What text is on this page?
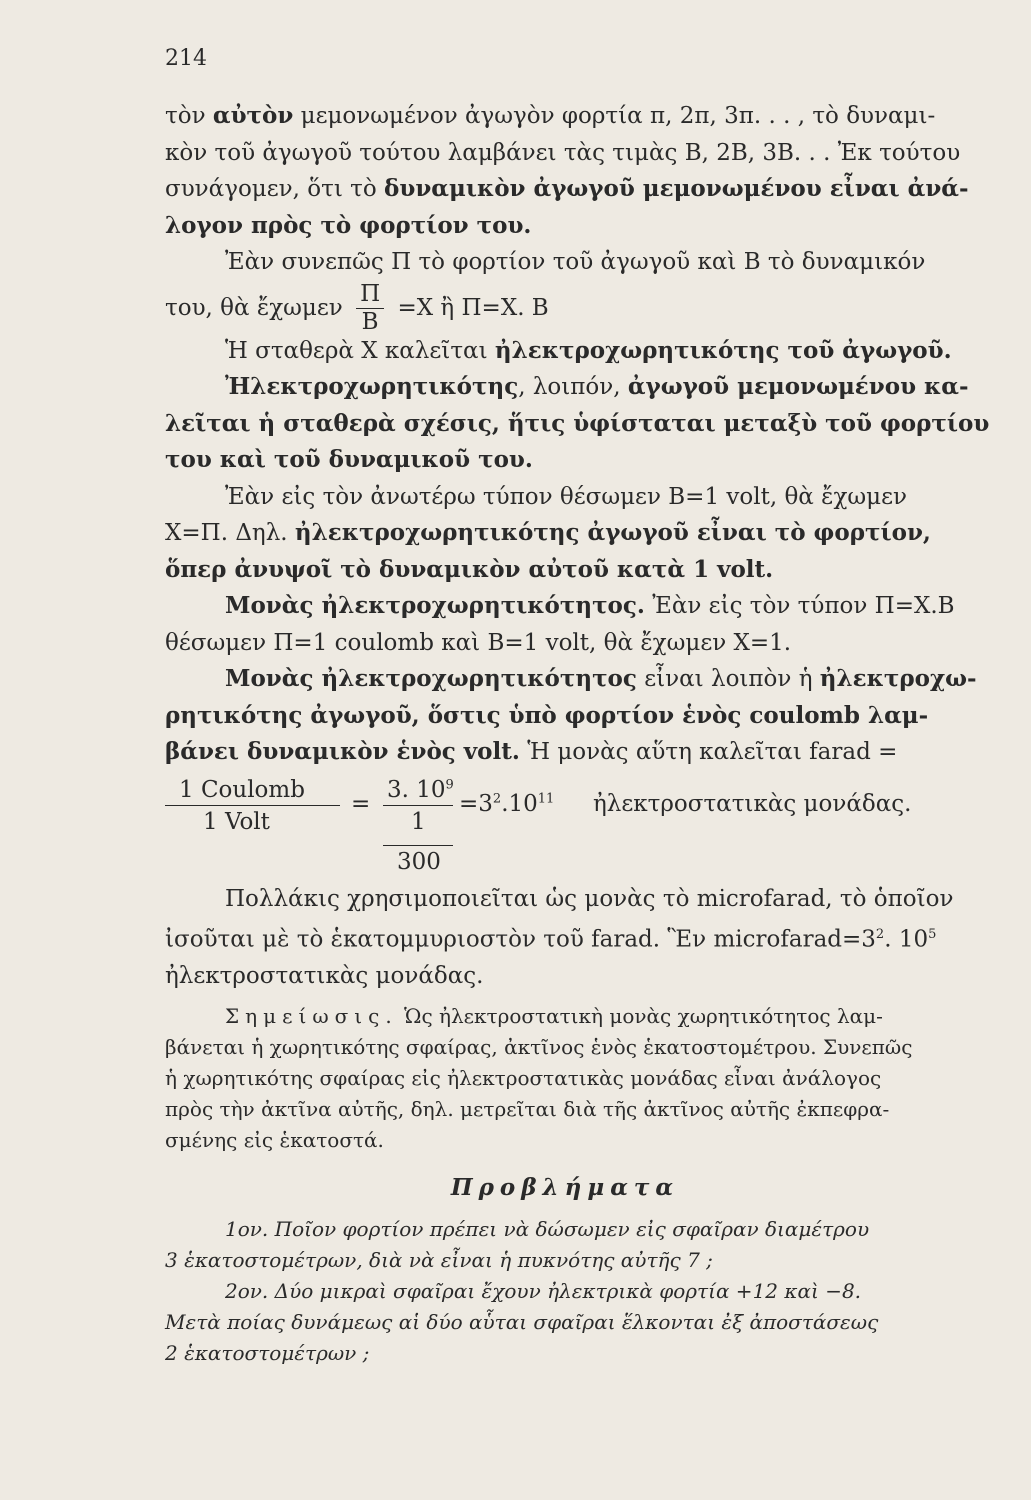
214

τὸν αὐτὸν μεμονωμένον ἀγωγὸν φορτία π, 2π, 3π. . . , τὸ δυναμι-

κὸν τοῦ ἀγωγοῦ τούτου λαμβάνει τὰς τιμὰς Β, 2Β, 3Β. . . Ἐκ τούτου

συνάγομεν, ὅτι τὸ δυναμικὸν ἀγωγοῦ μεμονωμένου εἶναι ἀνά-

λογον πρὸς τὸ φορτίον του.

Ἐὰν συνεπῶς Π τὸ φορτίον τοῦ ἀγωγοῦ καὶ Β τὸ δυναμικόν

του, θὰ ἔχωμεν $\frac{\Pi}{B} =X$ ἢ Π=Χ. Β

Ἡ σταθερὰ Χ καλεῖται ἠλεκτροχωρητικότης τοῦ ἀγωγοῦ.

Ἠλεκτροχωρητικότης, λοιπόν, ἀγωγοῦ μεμονωμένου κα-

λεῖται ἡ σταθερὰ σχέσις, ἥτις ὑφίσταται μεταξὺ τοῦ φορτίου

του καὶ τοῦ δυναμικοῦ του.

Ἐὰν εἰς τὸν ἀνωτέρω τύπον θέσωμεν Β=1 volt, θὰ ἔχωμεν

Χ=Π. Δηλ. ἠλεκτροχωρητικότης ἀγωγοῦ εἶναι τὸ φορτίον,

ὅπερ ἀνυψοῖ τὸ δυναμικὸν αὐτοῦ κατὰ 1 volt.

Μονὰς ἠλεκτροχωρητικότητος. Ἐὰν εἰς τὸν τύπον Π=Χ.Β

θέσωμεν Π=1 coulomb καὶ Β=1 volt, θὰ ἔχωμεν Χ=1.

Μονὰς ἠλεκτροχωρητικότητος εἶναι λοιπὸν ἡ ἠλεκτροχω-

ρητικότης ἀγωγοῦ, ὅστις ὑπὸ φορτίον ἑνὸς coulomb λαμ-

βάνει δυναμικὸν ἑνὸς volt. Ἡ μονὰς αὕτη καλεῖται farad =

1 Coulomb
1 Volt
=
3. $10^9$
1
300
$=3^2.10^{11}$ ἠλεκτροστατικὰς μονάδας.

Πολλάκις χρησιμοποιεῖται ὡς μονὰς τὸ microfarad, τὸ ὁποῖον

ἰσοῦται μὲ τὸ ἑκατομμυριοστὸν τοῦ farad. Ἓν $microfarad=3^2$. $10^5$

ἠλεκτροστατικὰς μονάδας.

Σημείωσις. Ὡς ἠλεκτροστατικὴ μονὰς χωρητικότητος λαμ-

βάνεται ἡ χωρητικότης σφαίρας, ἀκτῖνος ἑνὸς ἑκατοστομέτρου. Συνεπῶς

ἡ χωρητικότης σφαίρας εἰς ἠλεκτροστατικὰς μονάδας εἶναι ἀνάλογος

πρὸς τὴν ἀκτῖνα αὐτῆς, δηλ. μετρεῖται διὰ τῆς ἀκτῖνος αὐτῆς ἐκπεφρα-

σμένης εἰς ἑκατοστά.

Προβλήματα

1ον. Ποῖον φορτίον πρέπει νὰ δώσωμεν εἰς σφαῖραν διαμέτρου

3 ἑκατοστομέτρων, διὰ νὰ εἶναι ἡ πυκνότης αὐτῆς 7 ;

2ον. Δύο μικραὶ σφαῖραι ἔχουν ἠλεκτρικὰ φορτία +12 καὶ −8.

Μετὰ ποίας δυνάμεως αἱ δύο αὗται σφαῖραι ἕλκονται ἐξ ἀποστάσεως

2 ἑκατοστομέτρων ;
